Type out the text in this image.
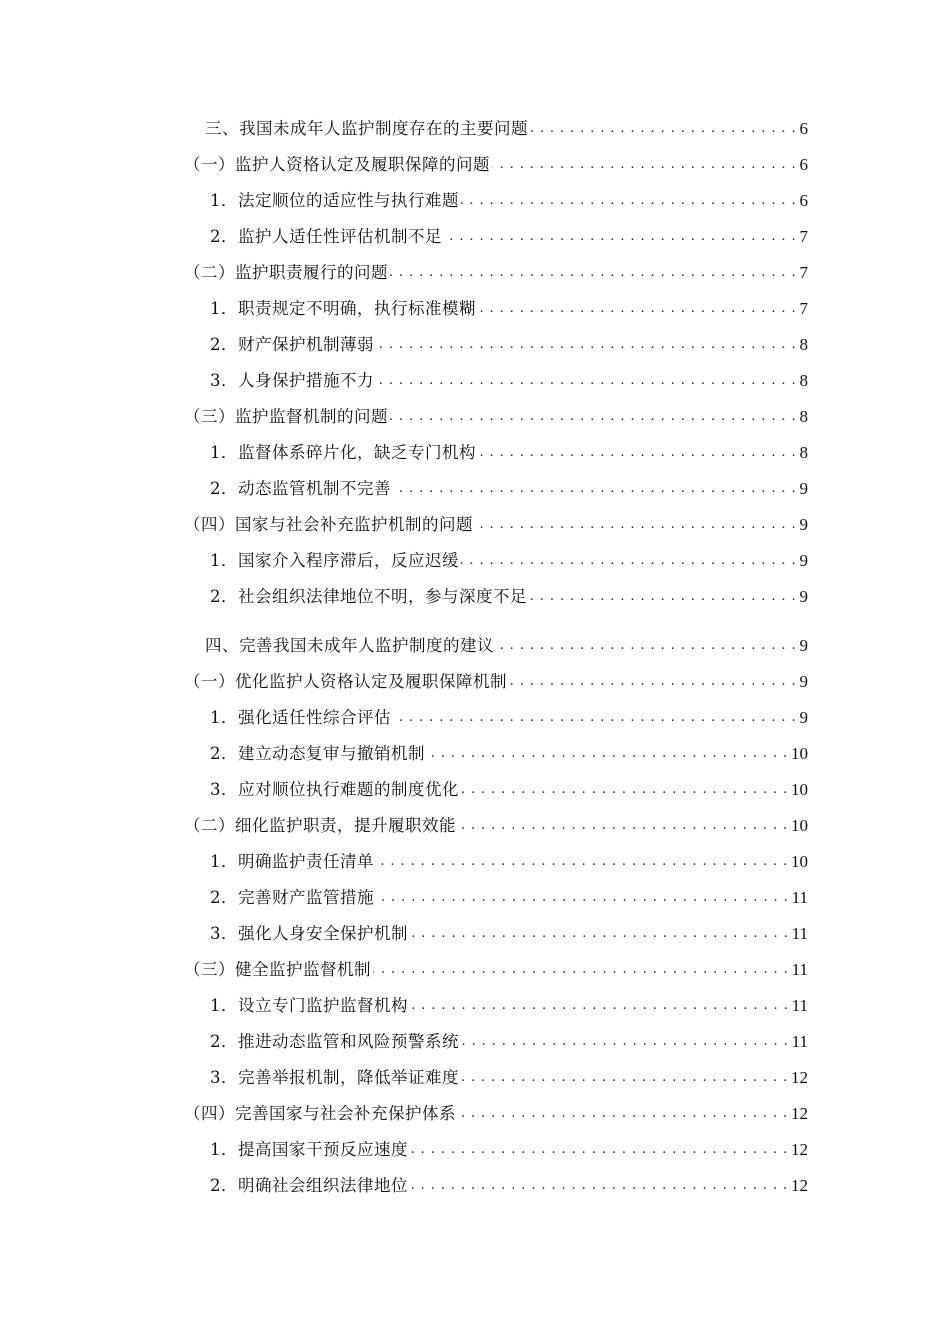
三、我国未成年人监护制度存在的主要问题 . . .	6
（一）监护人资格认定及履职保障的问题 . . .	6
1．法定顺位的适应性与执行难题 . . .	6
2．监护人适任性评估机制不足 . . .	7
（二）监护职责履行的问题 . . .	7
1．职责规定不明确，执行标准模糊 . . .	7
2．财产保护机制薄弱 . . .	8
3．人身保护措施不力 . . .	8
（三）监护监督机制的问题 . . .	8
1．监督体系碎片化，缺乏专门机构 . . .	8
2．动态监管机制不完善 . . .	9
（四）国家与社会补充监护机制的问题 . . .	9
1．国家介入程序滞后，反应迟缓 . . .	9
2．社会组织法律地位不明，参与深度不足 . . .	9
四、完善我国未成年人监护制度的建议 . . .	9
（一）优化监护人资格认定及履职保障机制 . . .	9
1．强化适任性综合评估 . . .	9
2．建立动态复审与撤销机制 . . .	10
3．应对顺位执行难题的制度优化 . . .	10
（二）细化监护职责，提升履职效能 . . .	10
1．明确监护责任清单 . . .	10
2．完善财产监管措施 . . .	11
3．强化人身安全保护机制 . . .	11
（三）健全监护监督机制 . . .	11
1．设立专门监护监督机构 . . .	11
2．推进动态监管和风险预警系统 . . .	11
3．完善举报机制，降低举证难度 . . .	12
（四）完善国家与社会补充保护体系 . . .	12
1．提高国家干预反应速度 . . .	12
2．明确社会组织法律地位 . . .	12
